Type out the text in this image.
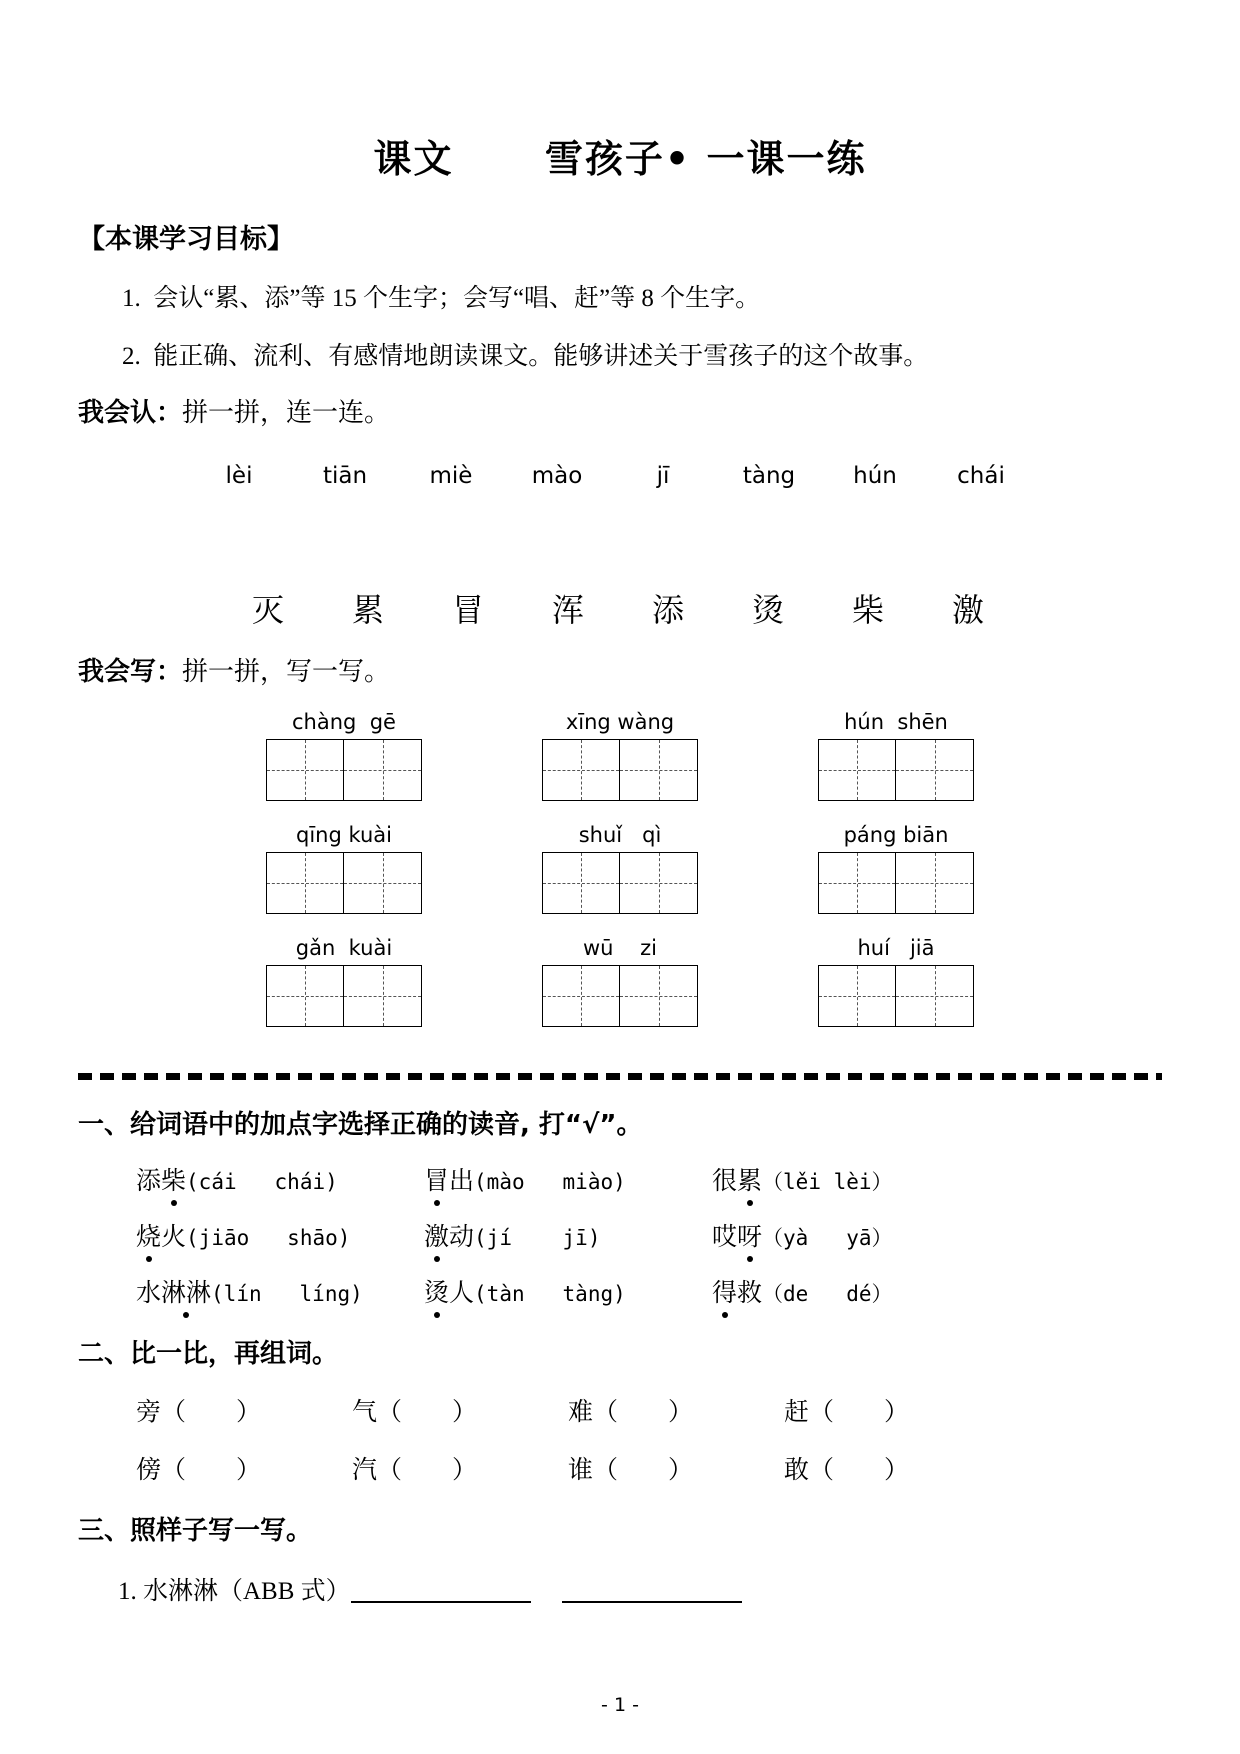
课文      雪孩子• 一课一练
【本课学习目标】
1.  会认“累、添”等 15 个生字；会写“唱、赶”等 8 个生字。
2.  能正确、流利、有感情地朗读课文。能够讲述关于雪孩子的这个故事。
我会认：拼一拼，连一连。
lèi	tiān	miè	mào	jī	tàng	hún	chái
灭	累	冒	浑	添	烫	柴	激
我会写：拼一拼，写一写。
chàng  gē	xīng wàng	hún  shēn
qīng kuài	shuǐ   qì	páng biān
gǎn  kuài	wū    zi	huí   jiā
一、给词语中的加点字选择正确的读音, 打“√”。
添柴(cái   chái)	冒出(mào   miào)	很累（lěi lèi）
烧火(jiāo   shāo)	激动(jí    jī)	哎呀（yà   yā）
水淋淋(lín   líng)	烫人(tàn   tàng)	得救（de   dé）
二、比一比，再组词。
旁（        ）	气（        ）	难（        ）	赶（        ）
傍（        ）	汽（        ）	谁（        ）	敢（        ）
三、照样子写一写。
1. 水淋淋（ABB 式）
- 1 -
